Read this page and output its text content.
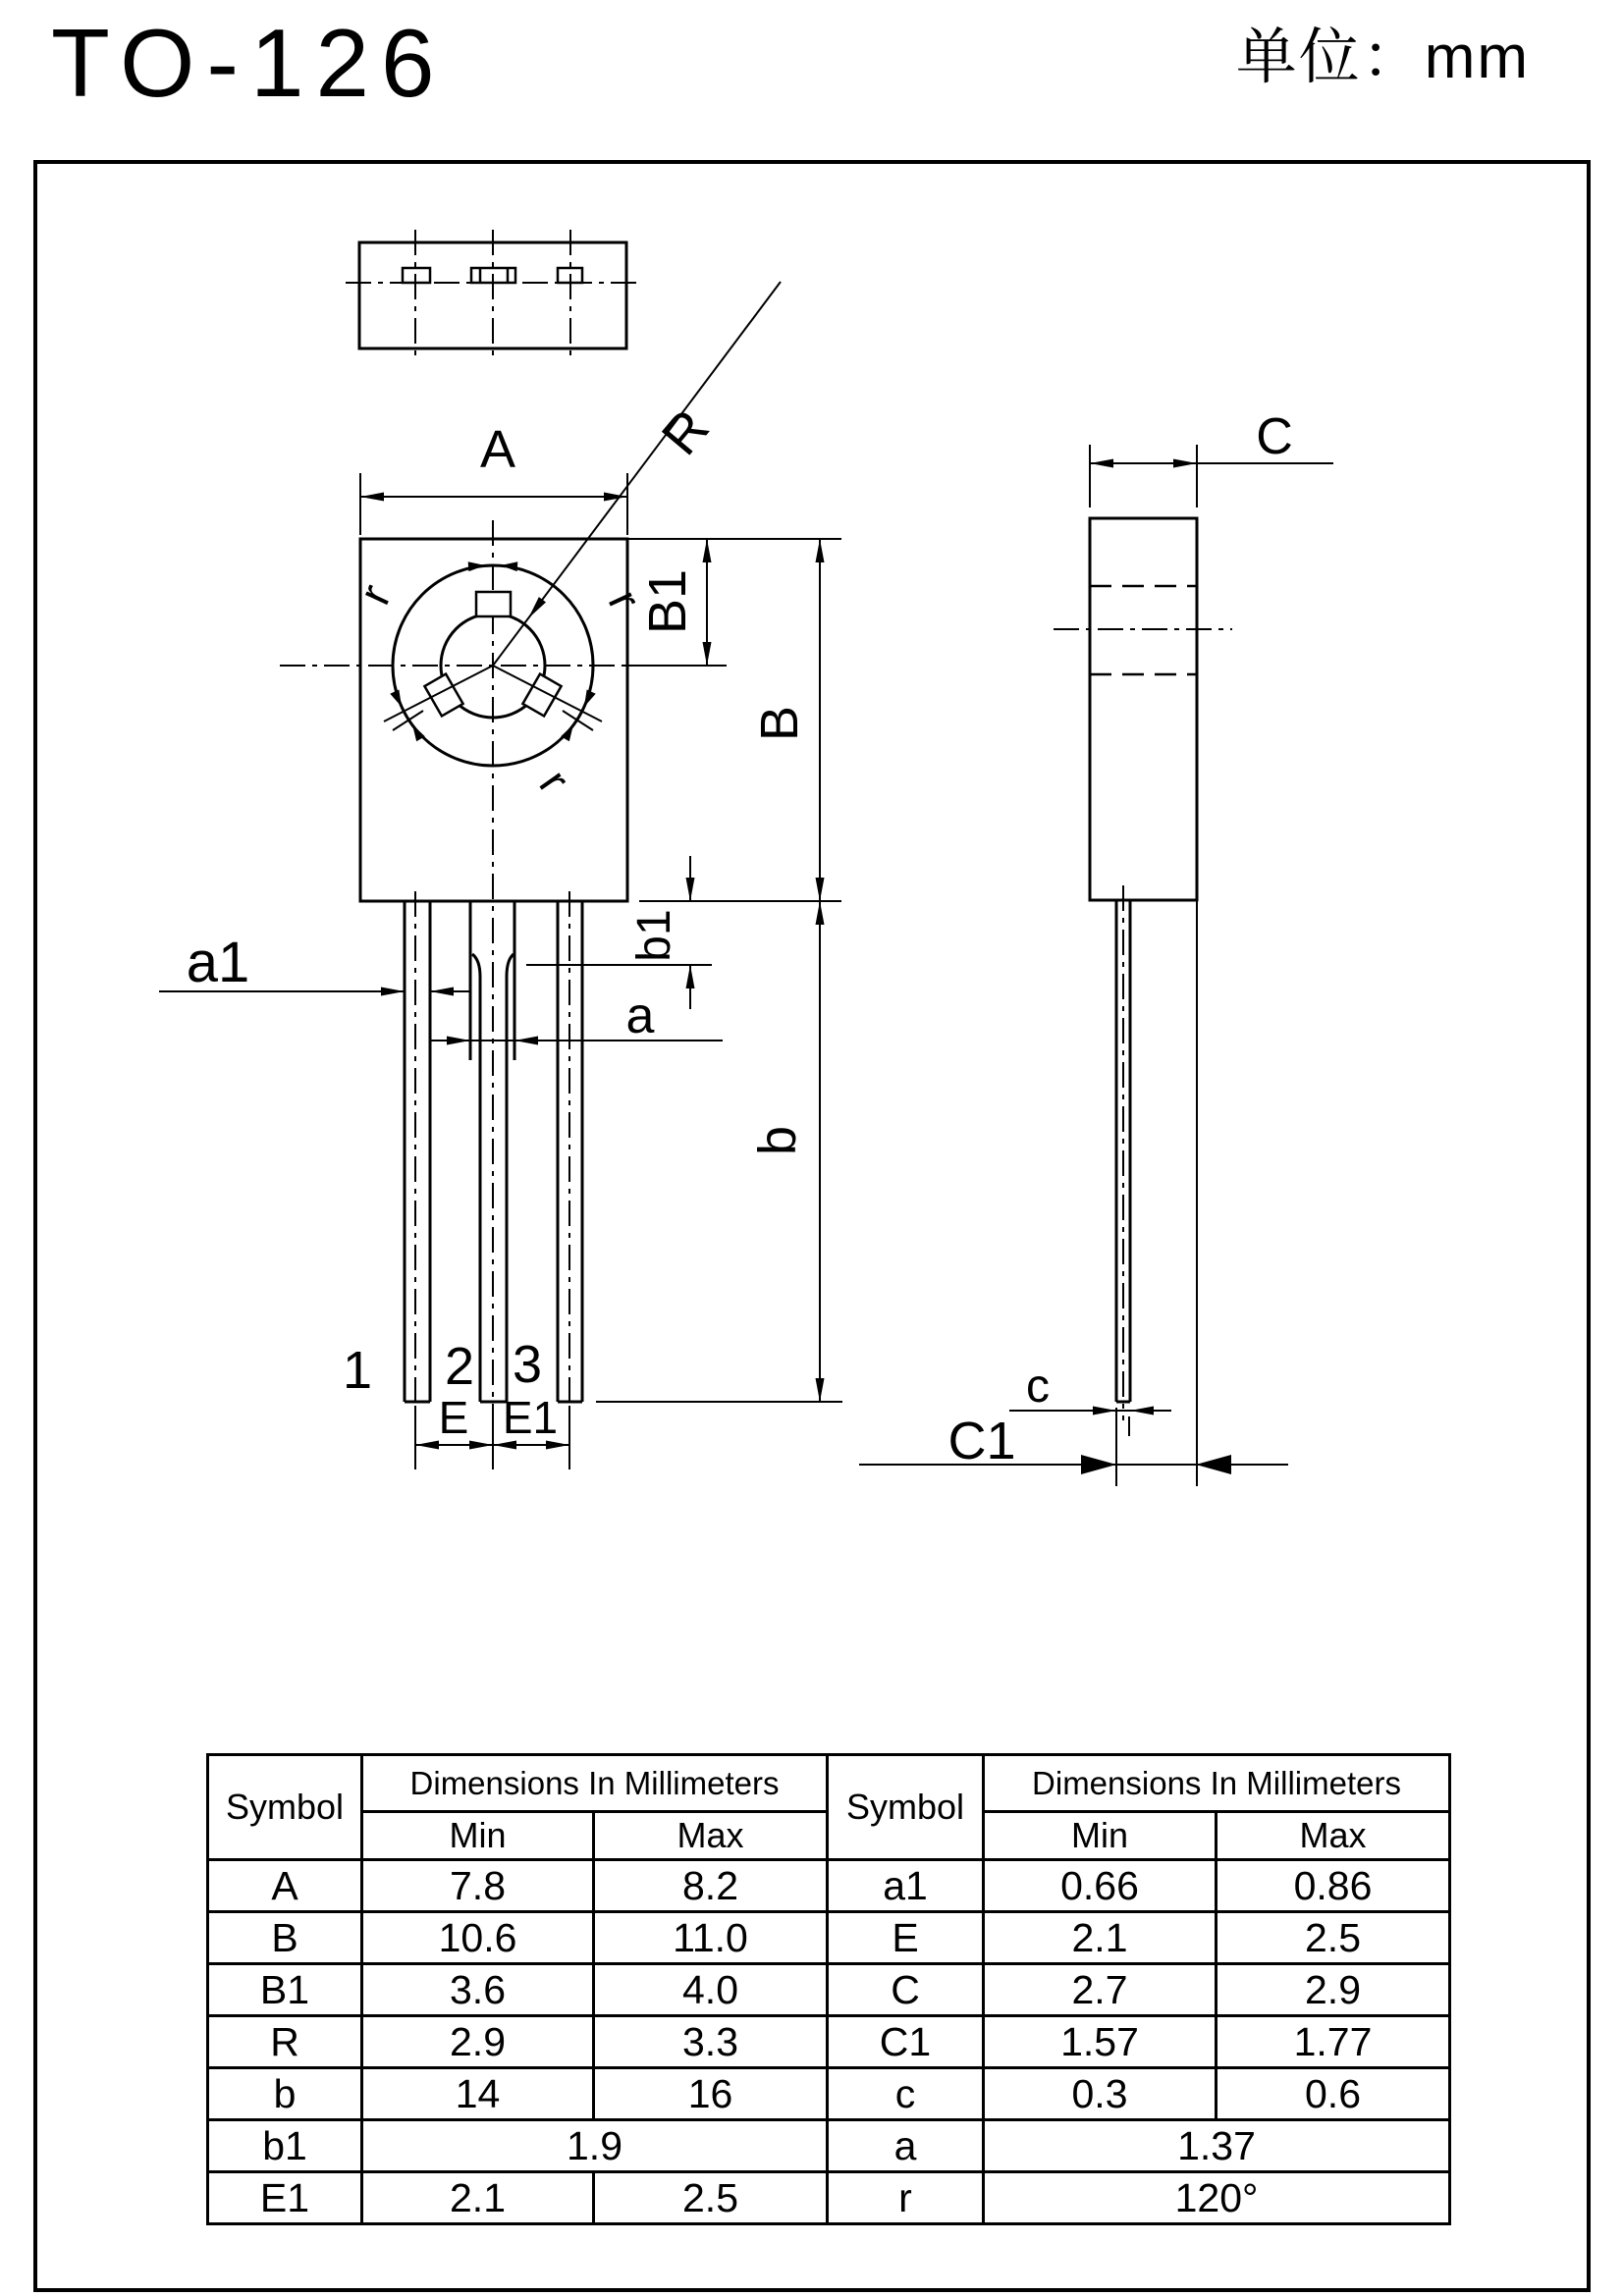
TO-126	单位：mm
r	r
r
R
A
B1
B
b
b1
a1
a
1 2 3
E E1
C
c
C1
Symbol	Dimensions In Millimeters		Symbol	Dimensions In Millimeters	
	Min	Max		Min	Max
A	7.8	8.2	a1	0.66	0.86
B	10.6	11.0	E	2.1	2.5
B1	3.6	4.0	C	2.7	2.9
R	2.9	3.3	C1	1.57	1.77
b	14	16	c	0.3	0.6
b1	1.9		a	1.37	
E1	2.1	2.5	r	120°	
